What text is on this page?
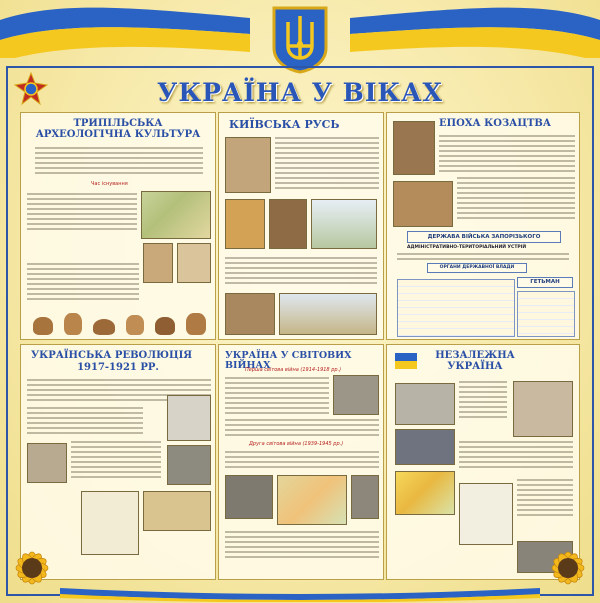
УКРАЇНА У ВІКАХ
ТРИПІЛЬСЬКА АРХЕОЛОГІЧНА КУЛЬТУРА
Час існування
КИЇВСЬКА РУСЬ	ЕПОХА КОЗАЦТВА
ДЕРЖАВА ВІЙСЬКА ЗАПОРІЗЬКОГО
АДМІНІСТРАТИВНО-ТЕРИТОРІАЛЬНИЙ УСТРІЙ
ОРГАНИ ДЕРЖАВНОЇ ВЛАДИ
ГЕТЬМАН
УКРАЇНСЬКА РЕВОЛЮЦІЯ
1917-1921 РР.
УКРАЇНА У СВІТОВИХ ВІЙНАХ
Перша світова війна (1914-1918 рр.)
Друга світова війна (1939-1945 рр.)
НЕЗАЛЕЖНА УКРАЇНА
